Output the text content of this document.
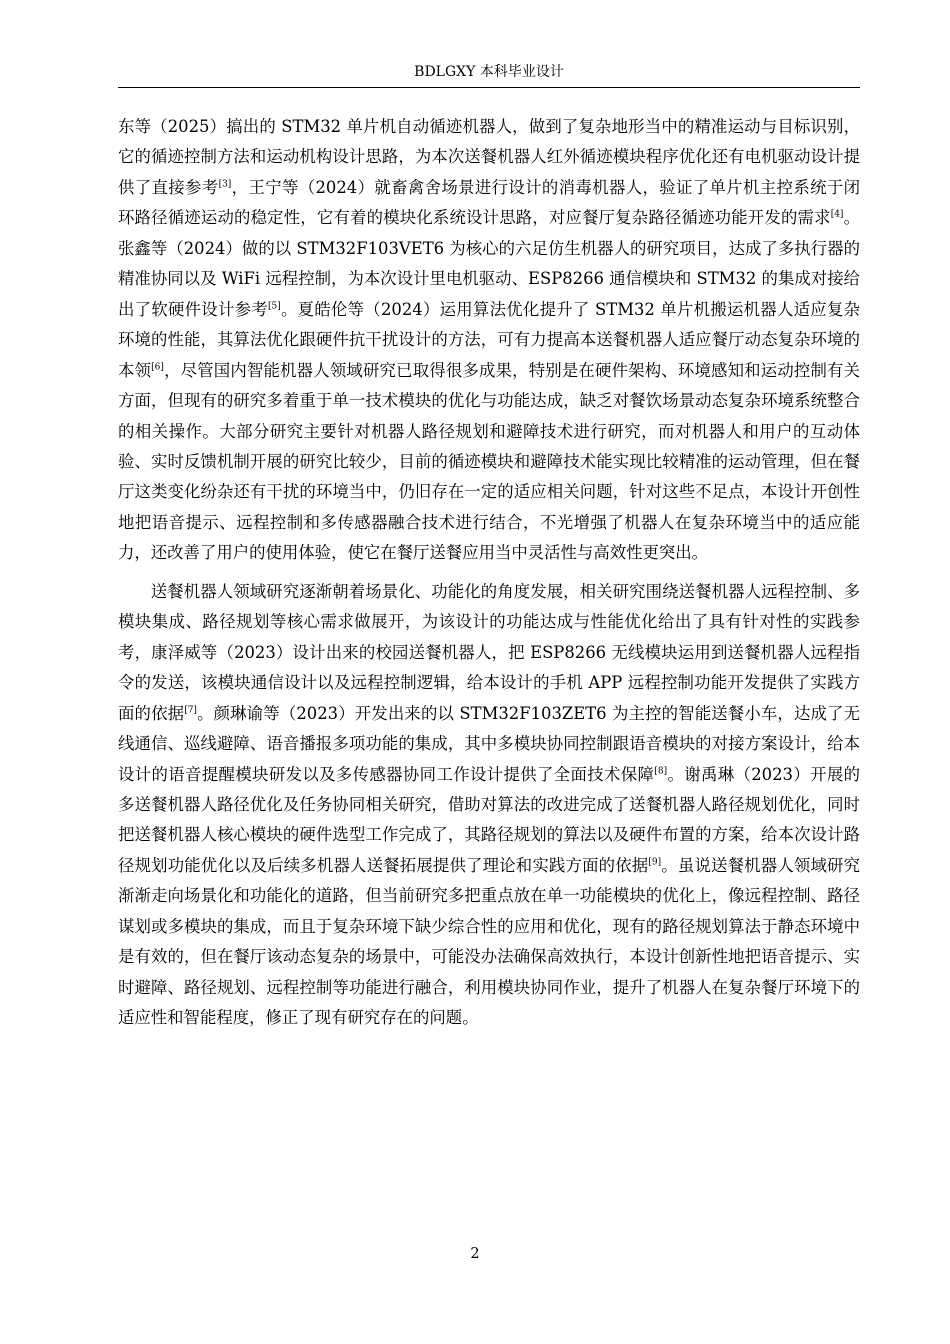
BDLGXY 本科毕业设计

东等（2025）搞出的 STM32 单片机自动循迹机器人，做到了复杂地形当中的精准运动与目标识别，它的循迹控制方法和运动机构设计思路，为本次送餐机器人红外循迹模块程序优化还有电机驱动设计提供了直接参考[3]，王宁等（2024）就畜禽舍场景进行设计的消毒机器人，验证了单片机主控系统于闭环路径循迹运动的稳定性，它有着的模块化系统设计思路，对应餐厅复杂路径循迹功能开发的需求[4]。张鑫等（2024）做的以 STM32F103VET6 为核心的六足仿生机器人的研究项目，达成了多执行器的精准协同以及 WiFi 远程控制，为本次设计里电机驱动、ESP8266 通信模块和 STM32 的集成对接给出了软硬件设计参考[5]。夏皓伦等（2024）运用算法优化提升了 STM32 单片机搬运机器人适应复杂环境的性能，其算法优化跟硬件抗干扰设计的方法，可有力提高本送餐机器人适应餐厅动态复杂环境的本领[6]，尽管国内智能机器人领域研究已取得很多成果，特别是在硬件架构、环境感知和运动控制有关方面，但现有的研究多着重于单一技术模块的优化与功能达成，缺乏对餐饮场景动态复杂环境系统整合的相关操作。大部分研究主要针对机器人路径规划和避障技术进行研究，而对机器人和用户的互动体验、实时反馈机制开展的研究比较少，目前的循迹模块和避障技术能实现比较精准的运动管理，但在餐厅这类变化纷杂还有干扰的环境当中，仍旧存在一定的适应相关问题，针对这些不足点，本设计开创性地把语音提示、远程控制和多传感器融合技术进行结合，不光增强了机器人在复杂环境当中的适应能力，还改善了用户的使用体验，使它在餐厅送餐应用当中灵活性与高效性更突出。

送餐机器人领域研究逐渐朝着场景化、功能化的角度发展，相关研究围绕送餐机器人远程控制、多模块集成、路径规划等核心需求做展开，为该设计的功能达成与性能优化给出了具有针对性的实践参考，康泽威等（2023）设计出来的校园送餐机器人，把 ESP8266 无线模块运用到送餐机器人远程指令的发送，该模块通信设计以及远程控制逻辑，给本设计的手机 APP 远程控制功能开发提供了实践方面的依据[7]。颜琳谕等（2023）开发出来的以 STM32F103ZET6 为主控的智能送餐小车，达成了无线通信、巡线避障、语音播报多项功能的集成，其中多模块协同控制跟语音模块的对接方案设计，给本设计的语音提醒模块研发以及多传感器协同工作设计提供了全面技术保障[8]。谢禹琳（2023）开展的多送餐机器人路径优化及任务协同相关研究，借助对算法的改进完成了送餐机器人路径规划优化，同时把送餐机器人核心模块的硬件选型工作完成了，其路径规划的算法以及硬件布置的方案，给本次设计路径规划功能优化以及后续多机器人送餐拓展提供了理论和实践方面的依据[9]。虽说送餐机器人领域研究渐渐走向场景化和功能化的道路，但当前研究多把重点放在单一功能模块的优化上，像远程控制、路径谋划或多模块的集成，而且于复杂环境下缺少综合性的应用和优化，现有的路径规划算法于静态环境中是有效的，但在餐厅该动态复杂的场景中，可能没办法确保高效执行，本设计创新性地把语音提示、实时避障、路径规划、远程控制等功能进行融合，利用模块协同作业，提升了机器人在复杂餐厅环境下的适应性和智能程度，修正了现有研究存在的问题。

2
